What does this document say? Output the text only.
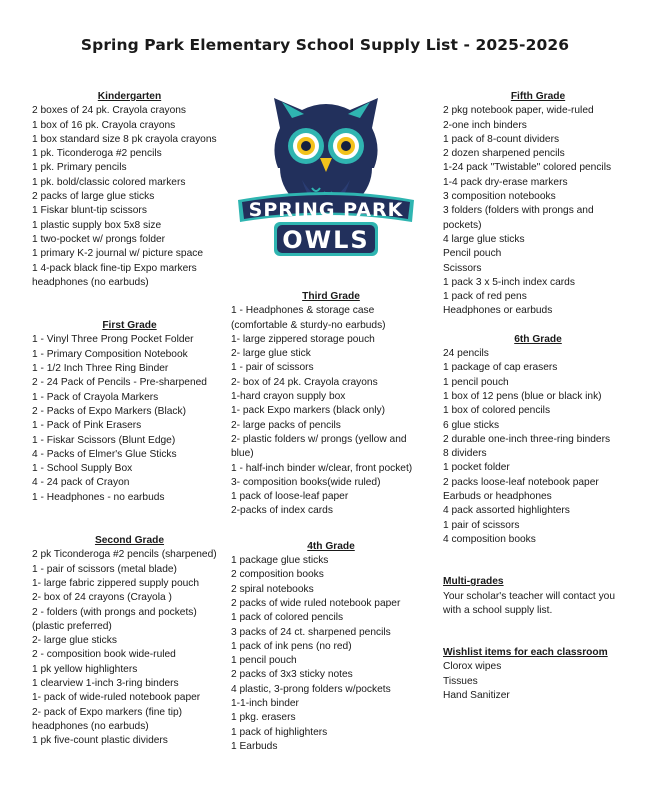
Spring Park Elementary School Supply List - 2025-2026
Kindergarten
2 boxes of 24 pk. Crayola crayons
1 box of 16 pk. Crayola crayons
1 box standard size 8 pk crayola crayons
1 pk. Ticonderoga #2 pencils
1 pk. Primary pencils
1 pk. bold/classic colored markers
2 packs of large glue sticks
1 Fiskar blunt-tip scissors
1 plastic supply box 5x8 size
1 two-pocket w/ prongs folder
1 primary K-2 journal w/ picture space
1 4-pack black fine-tip Expo markers
headphones (no earbuds)
First Grade
1 - Vinyl Three Prong Pocket Folder
1 - Primary Composition Notebook
1 - 1/2 Inch Three Ring Binder
2 - 24 Pack of Pencils - Pre-sharpened
1 - Pack of Crayola Markers
2 - Packs of Expo Markers (Black)
1 - Pack of Pink Erasers
1 - Fiskar Scissors (Blunt Edge)
4 - Packs of Elmer's Glue Sticks
1 - School Supply Box
4 - 24 pack of Crayon
1 - Headphones - no earbuds
Second Grade
2 pk Ticonderoga #2 pencils (sharpened)
1 - pair of scissors (metal blade)
1- large fabric zippered supply pouch
2- box of 24 crayons (Crayola )
2 - folders (with prongs and pockets) (plastic preferred)
2- large glue sticks
2 - composition book wide-ruled
1 pk yellow highlighters
1 clearview 1-inch 3-ring binders
1- pack of wide-ruled notebook paper
2- pack of Expo markers (fine tip)
headphones (no earbuds)
1 pk five-count plastic dividers
SPRING PARK
OWLS
Third Grade
1 - Headphones & storage case (comfortable & sturdy-no earbuds)
1- large zippered storage pouch
2- large glue stick
1 - pair of scissors
2- box of 24 pk. Crayola crayons
1-hard crayon supply box
1- pack Expo markers (black only)
2- large packs of pencils
2- plastic folders w/ prongs (yellow and blue)
1 - half-inch binder w/clear, front pocket)
3- composition books(wide ruled)
1 pack of loose-leaf paper
2-packs of index cards
4th Grade
1 package glue sticks
2 composition books
2 spiral notebooks
2 packs of wide ruled notebook paper
1 pack of colored pencils
3 packs of 24 ct. sharpened pencils
1 pack of ink pens (no red)
1 pencil pouch
2 packs of 3x3 sticky notes
4 plastic, 3-prong folders w/pockets
1-1-inch binder
1 pkg. erasers
1 pack of highlighters
1 Earbuds
Fifth Grade
2 pkg notebook paper, wide-ruled
2-one inch binders
1 pack of 8-count dividers
2 dozen sharpened pencils
1-24 pack "Twistable" colored pencils
1-4 pack dry-erase markers
3 composition notebooks
3 folders (folders with prongs and pockets)
4 large glue sticks
Pencil pouch
Scissors
1 pack 3 x 5-inch index cards
1 pack of red pens
Headphones or earbuds
6th Grade
24 pencils
1 package of cap erasers
1 pencil pouch
1 box of 12 pens (blue or black ink)
1 box of colored pencils
6 glue sticks
2 durable one-inch three-ring binders
8 dividers
1 pocket folder
2 packs loose-leaf notebook paper
Earbuds or headphones
4 pack assorted highlighters
1 pair of scissors
4 composition books
Multi-grades
Your scholar's teacher will contact you with a school supply list.
Wishlist items for each classroom
Clorox wipes
Tissues
Hand Sanitizer
